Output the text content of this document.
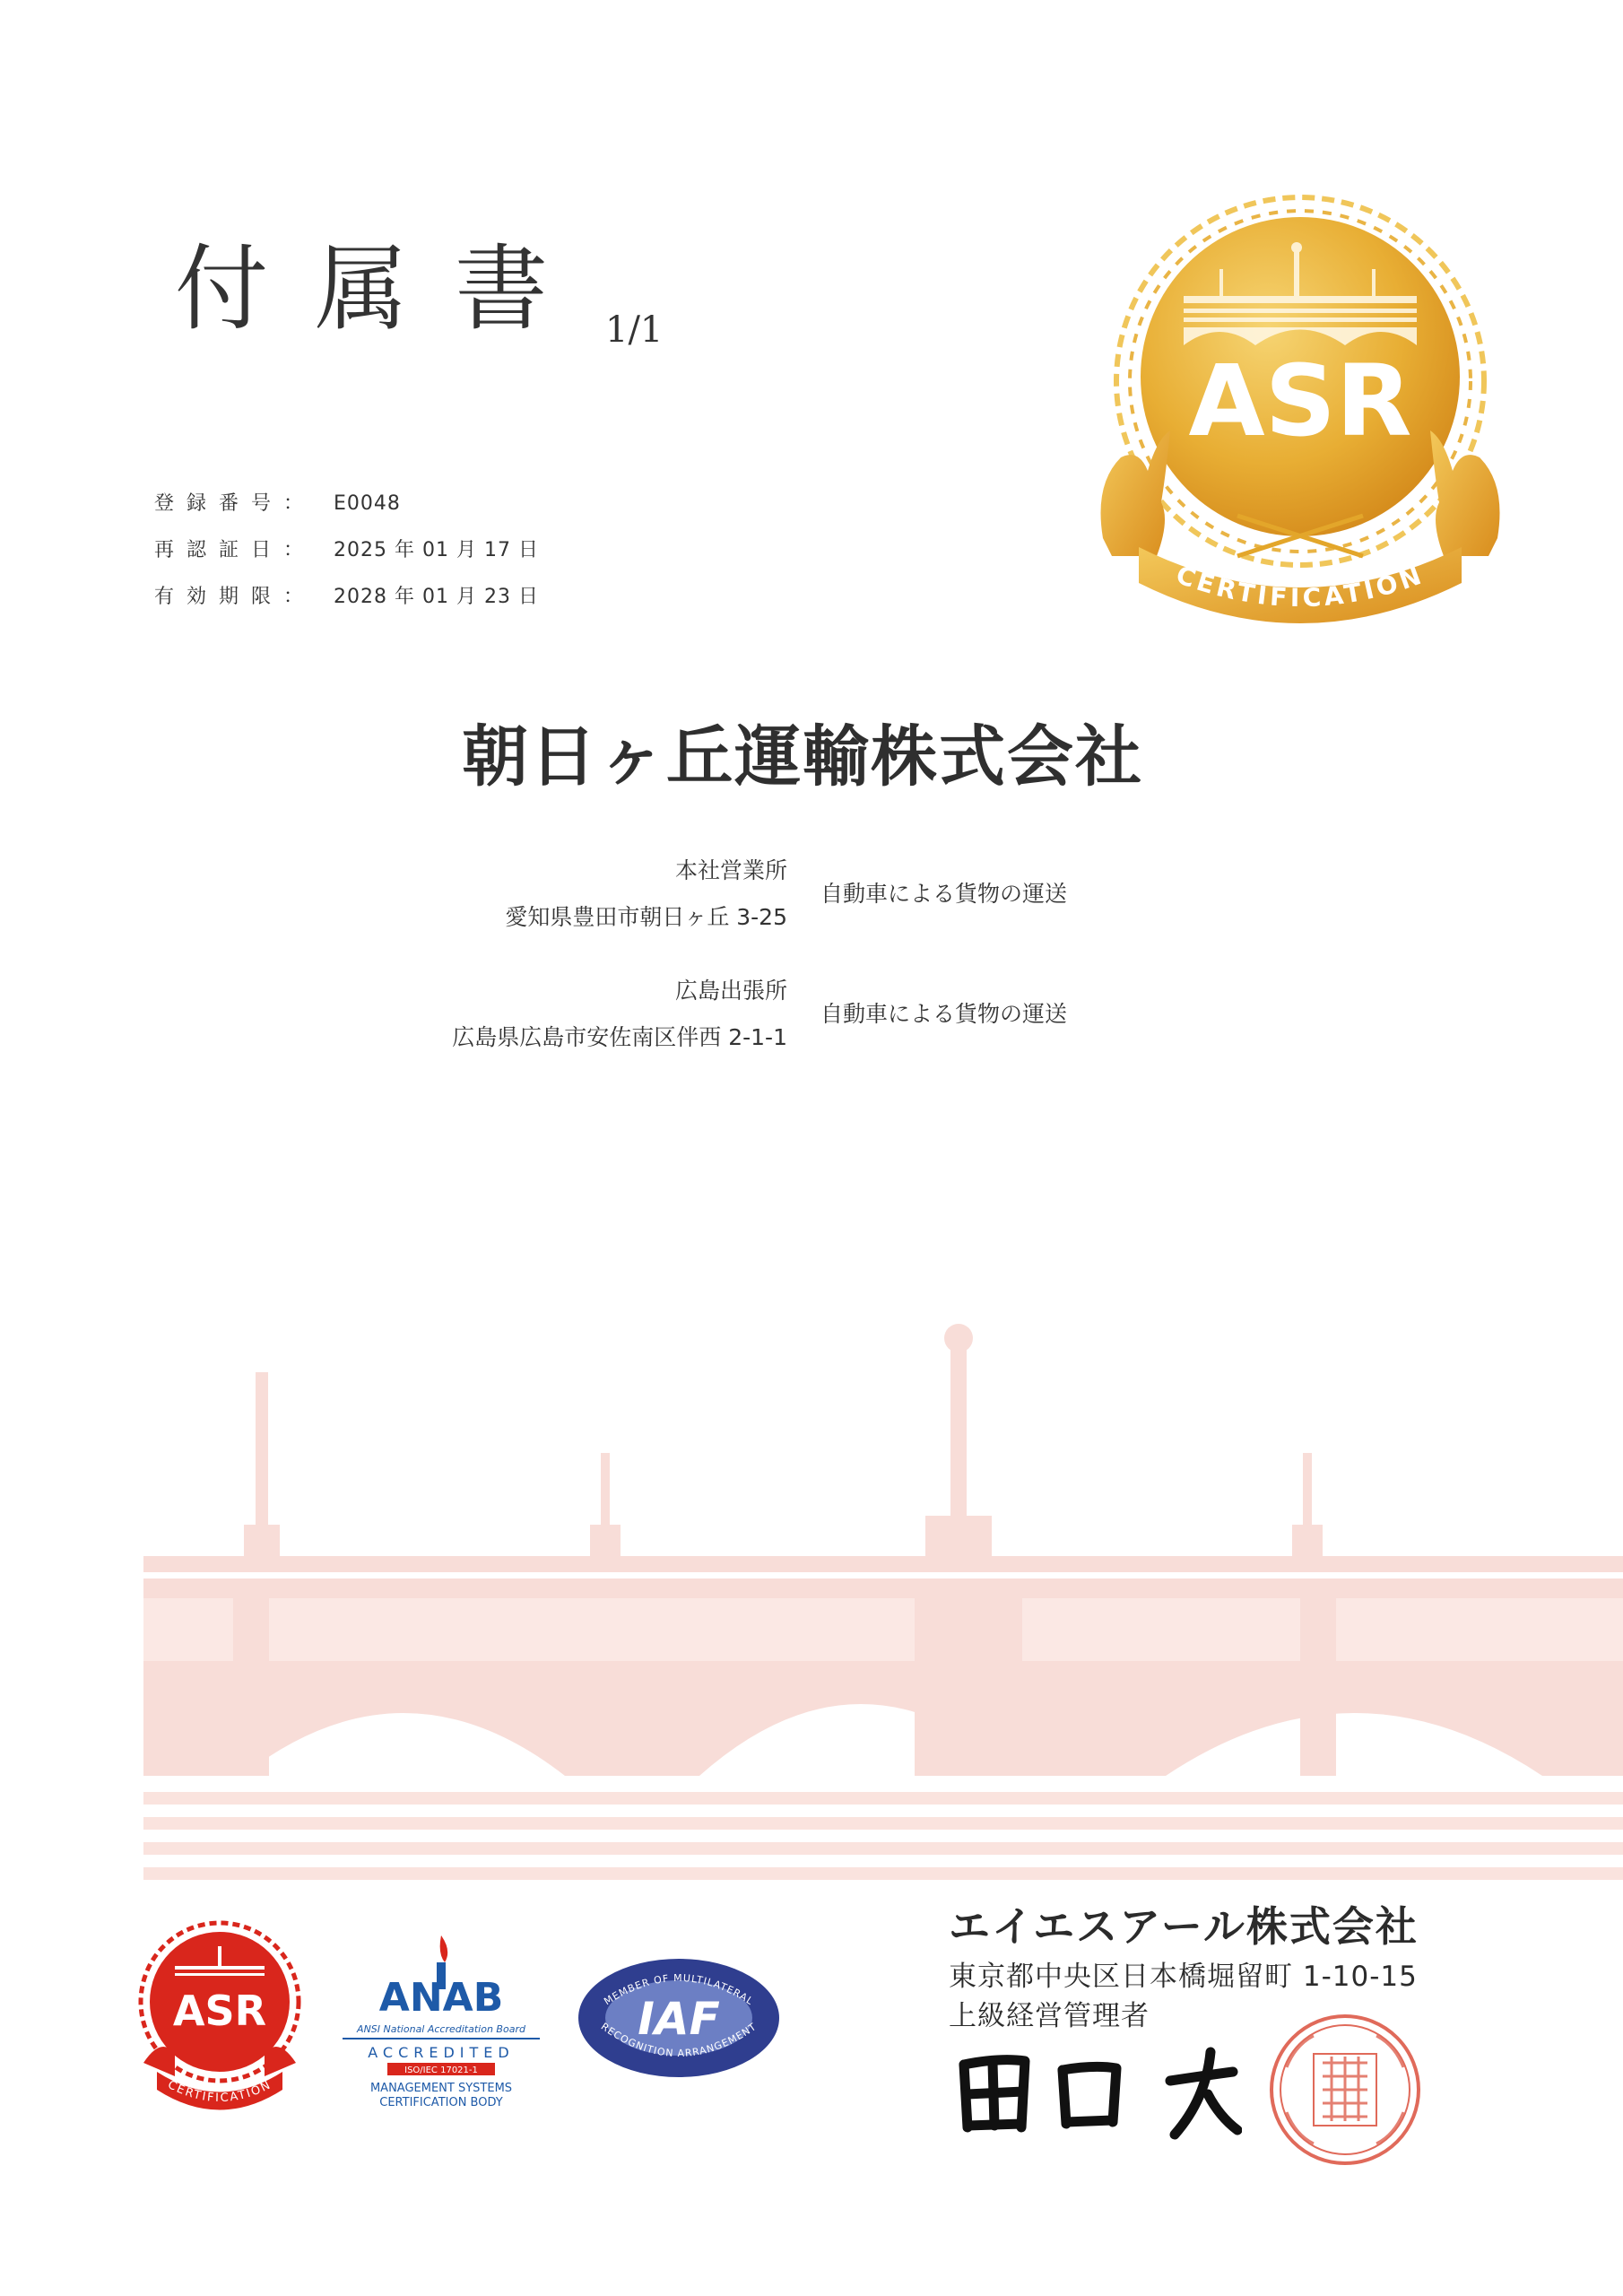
付属書 1/1
登録番号： E0048
再認証日： 2025 年 01 月 17 日
有効期限： 2028 年 01 月 23 日
朝日ヶ丘運輸株式会社
本社営業所
愛知県豊田市朝日ヶ丘 3-25
自動車による貨物の運送
広島出張所
広島県広島市安佐南区伴西 2-1-1
自動車による貨物の運送
ASR
CERTIFICATION
ASR
CERTIFICATION
ANAB
ANSI National Accreditation Board
ACCREDITED
ISO/IEC 17021-1
MANAGEMENT SYSTEMS
CERTIFICATION BODY
MEMBER OF MULTILATERAL
RECOGNITION ARRANGEMENT
IAF
エイエスアール株式会社
東京都中央区日本橋堀留町 1-10-15
上級経営管理者
